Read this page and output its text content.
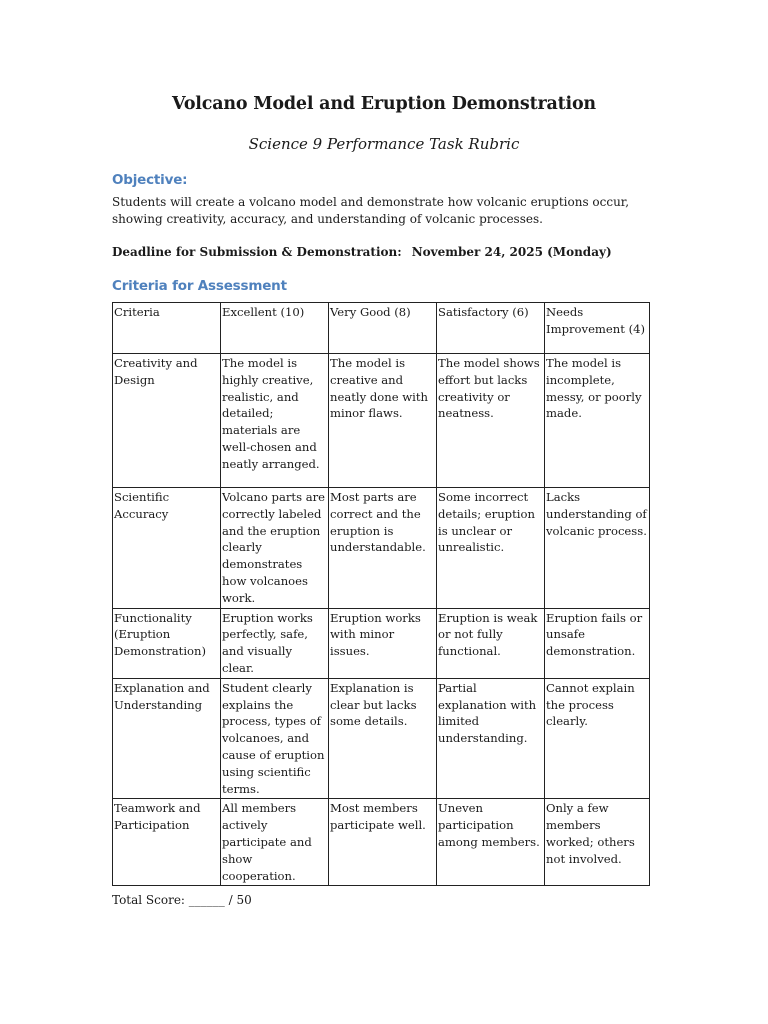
Volcano Model and Eruption Demonstration

Science 9 Performance Task Rubric

Objective:

Students will create a volcano model and demonstrate how volcanic eruptions occur, showing creativity, accuracy, and understanding of volcanic processes.

Deadline for Submission & Demonstration: November 24, 2025 (Monday)

Criteria for Assessment
Criteria	Excellent (10)	Very Good (8)	Satisfactory (6)	Needs Improvement (4)
Creativity and Design	The model is highly creative, realistic, and detailed; materials are well-chosen and neatly arranged.	The model is creative and neatly done with minor flaws.	The model shows effort but lacks creativity or neatness.	The model is incomplete, messy, or poorly made.
Scientific Accuracy	Volcano parts are correctly labeled and the eruption clearly demonstrates how volcanoes work.	Most parts are correct and the eruption is understandable.	Some incorrect details; eruption is unclear or unrealistic.	Lacks understanding of volcanic process.
Functionality (Eruption Demonstration)	Eruption works perfectly, safe, and visually clear.	Eruption works with minor issues.	Eruption is weak or not fully functional.	Eruption fails or unsafe demonstration.
Explanation and Understanding	Student clearly explains the process, types of volcanoes, and cause of eruption using scientific terms.	Explanation is clear but lacks some details.	Partial explanation with limited understanding.	Cannot explain the process clearly.
Teamwork and Participation	All members actively participate and show cooperation.	Most members participate well.	Uneven participation among members.	Only a few members worked; others not involved.

Total Score: ______ / 50
